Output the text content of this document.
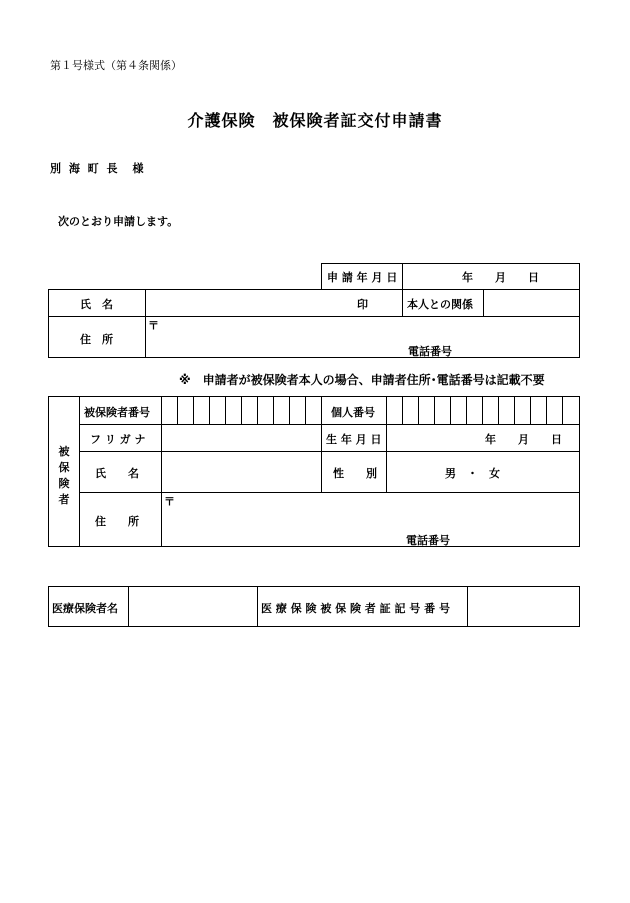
第１号様式（第４条関係）
介護保険　被保険者証交付申請書
別 海 町 長　様
次のとおり申請します。
申 請 年 月 日	年　　月　　日
氏　名	印	本人との関係
住　所
〒
電話番号
※　申請者が被保険者本人の場合、申請者住所･電話番号は記載不要
被
保
険
者
被保険者番号	個人番号
フ リ ガ ナ	生 年 月 日	年　　月　　日
氏　　名	性　　別	男　・　女
住　　所
〒
電話番号
医療保険者名	医 療 保 険 被 保 険 者 証 記 号 番 号
